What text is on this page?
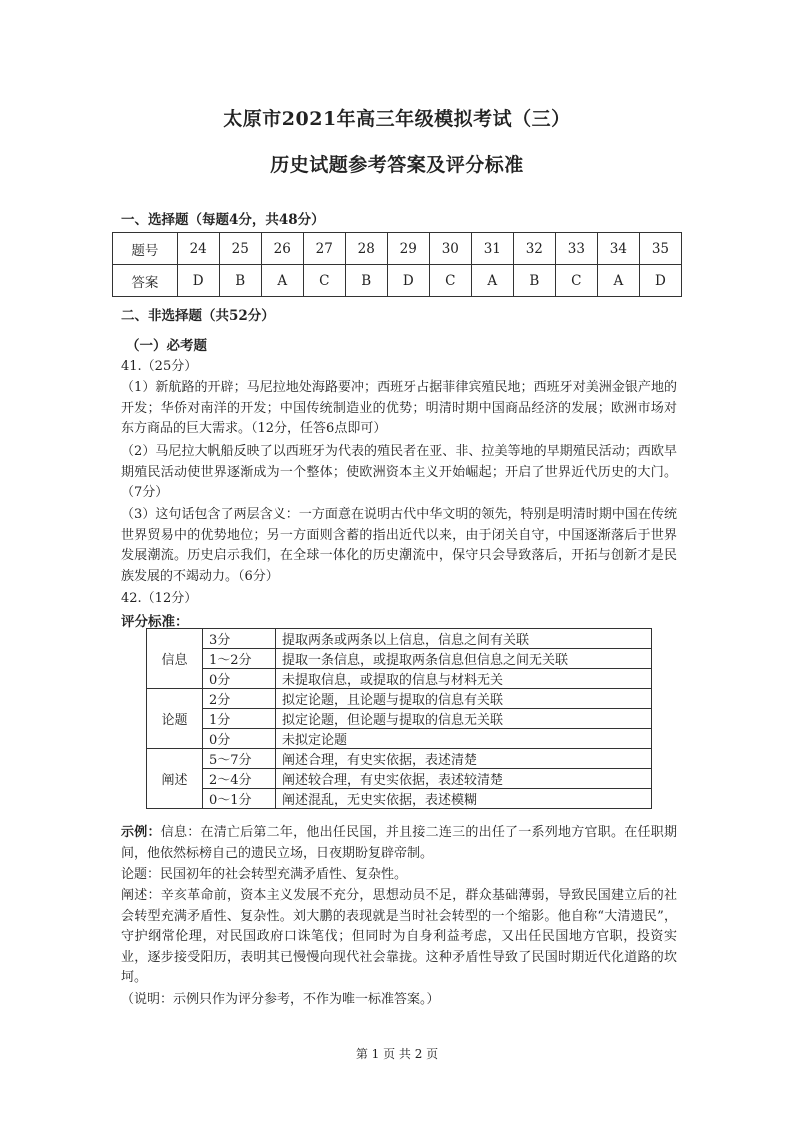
太原市2021年高三年级模拟考试（三）
历史试题参考答案及评分标准
一、选择题（每题4分，共48分）
题号	24	25	26	27	28	29	30	31	32	33	34	35
答案	D	B	A	C	B	D	C	A	B	C	A	D
二、非选择题（共52分）
（一）必考题
41.（25分）
（1）新航路的开辟；马尼拉地处海路要冲；西班牙占据菲律宾殖民地；西班牙对美洲金银产地的开发；华侨对南洋的开发；中国传统制造业的优势；明清时期中国商品经济的发展；欧洲市场对东方商品的巨大需求。（12分，任答6点即可）
（2）马尼拉大帆船反映了以西班牙为代表的殖民者在亚、非、拉美等地的早期殖民活动；西欧早期殖民活动使世界逐渐成为一个整体；使欧洲资本主义开始崛起；开启了世界近代历史的大门。（7分）
（3）这句话包含了两层含义：一方面意在说明古代中华文明的领先，特别是明清时期中国在传统世界贸易中的优势地位；另一方面则含蓄的指出近代以来，由于闭关自守，中国逐渐落后于世界发展潮流。历史启示我们，在全球一体化的历史潮流中，保守只会导致落后，开拓与创新才是民族发展的不竭动力。（6分）
42.（12分）
评分标准：
信息	3分	提取两条或两条以上信息，信息之间有关联
	1～2分	提取一条信息，或提取两条信息但信息之间无关联
	0分	未提取信息，或提取的信息与材料无关
论题	2分	拟定论题，且论题与提取的信息有关联
	1分	拟定论题，但论题与提取的信息无关联
	0分	未拟定论题
阐述	5～7分	阐述合理，有史实依据，表述清楚
	2～4分	阐述较合理，有史实依据，表述较清楚
	0～1分	阐述混乱，无史实依据，表述模糊
示例：信息：在清亡后第二年，他出任民国，并且接二连三的出任了一系列地方官职。在任职期间，他依然标榜自己的遗民立场，日夜期盼复辟帝制。
论题：民国初年的社会转型充满矛盾性、复杂性。
阐述：辛亥革命前，资本主义发展不充分，思想动员不足，群众基础薄弱，导致民国建立后的社会转型充满矛盾性、复杂性。刘大鹏的表现就是当时社会转型的一个缩影。他自称“大清遗民”，守护纲常伦理，对民国政府口诛笔伐；但同时为自身利益考虑，又出任民国地方官职，投资实业，逐步接受阳历，表明其已慢慢向现代社会靠拢。这种矛盾性导致了民国时期近代化道路的坎坷。
（说明：示例只作为评分参考，不作为唯一标准答案。）
第 1 页 共 2 页
